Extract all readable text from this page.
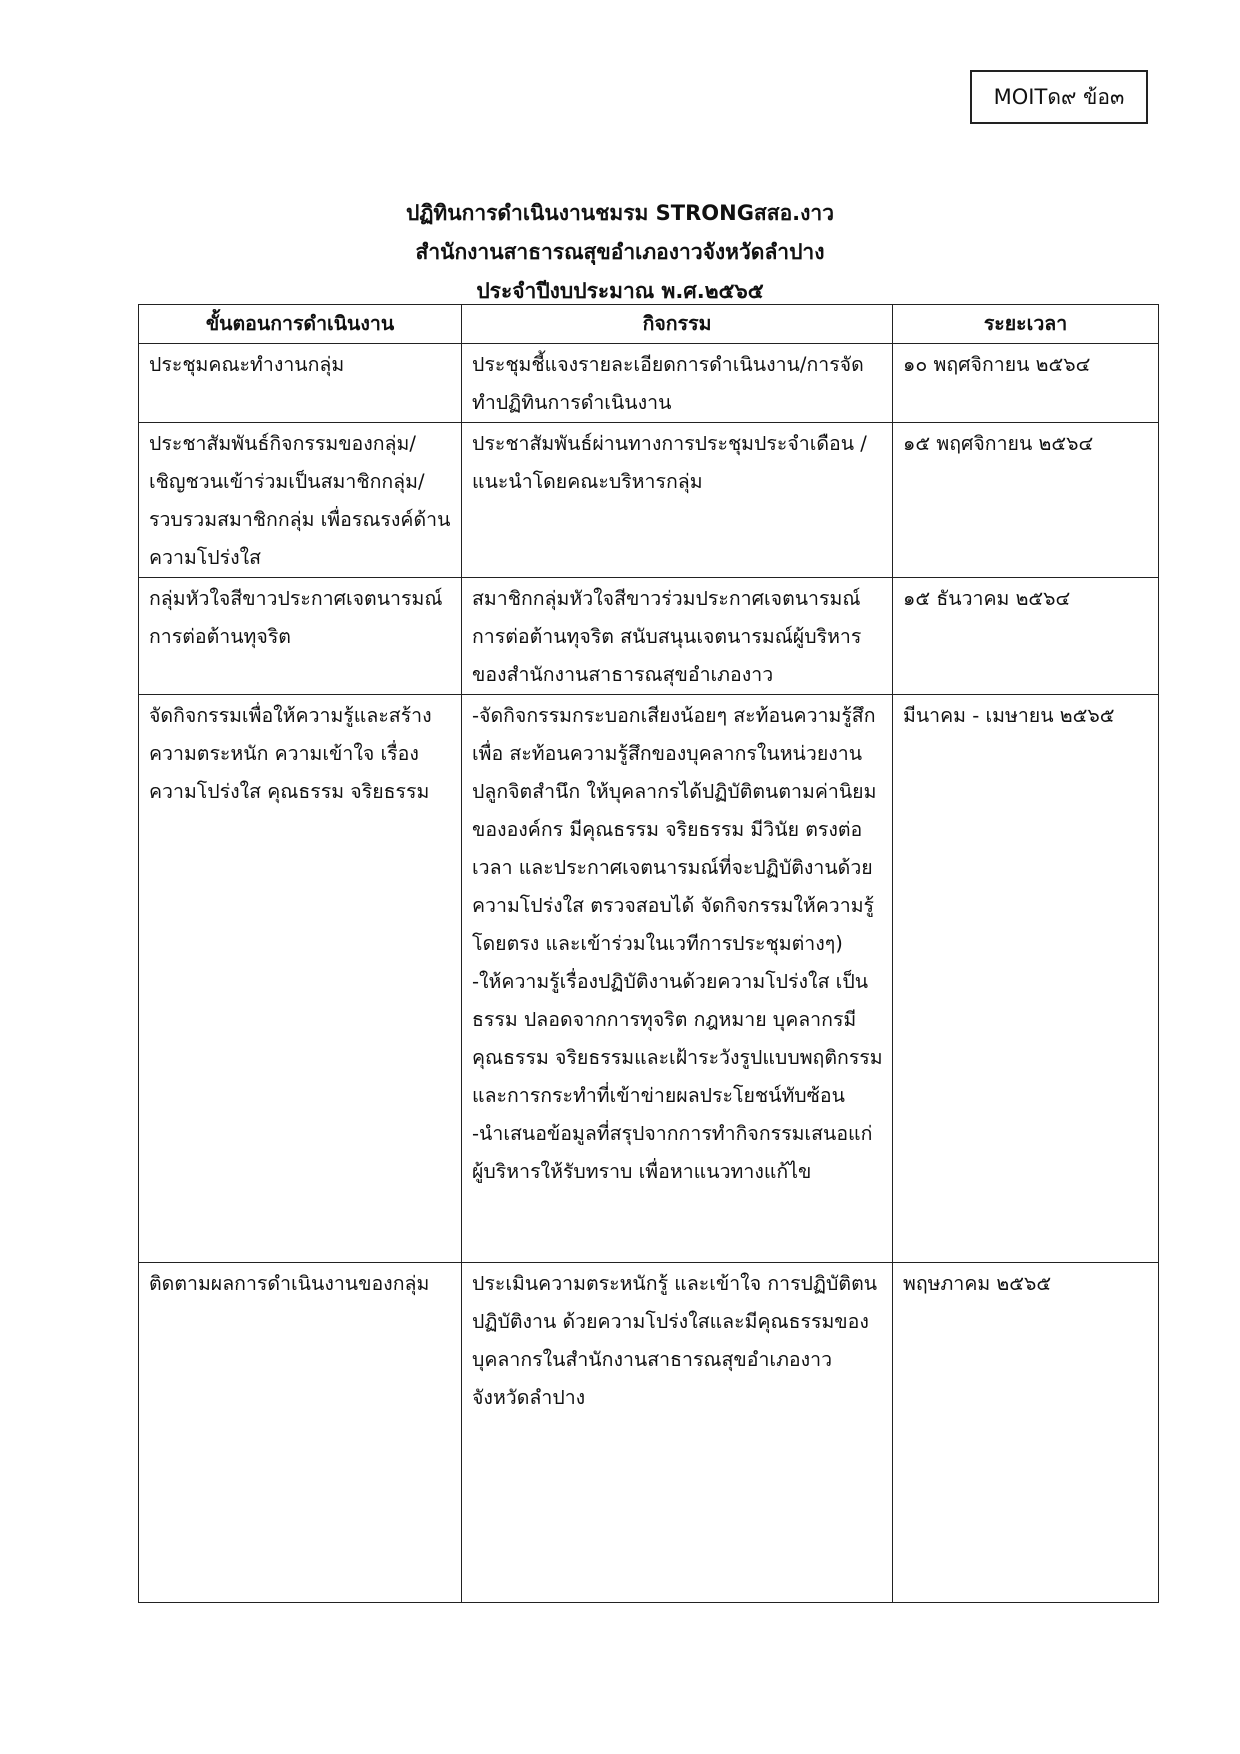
MOITด๙ ข้อ๓
ปฏิทินการดำเนินงานชมรม STRONGสสอ.งาว
สำนักงานสาธารณสุขอำเภองาวจังหวัดลำปาง
ประจำปีงบประมาณ พ.ศ.๒๕๖๕
ขั้นตอนการดำเนินงาน	กิจกรรม	ระยะเวลา
ประชุมคณะทำงานกลุ่ม	ประชุมชี้แจงรายละเอียดการดำเนินงาน/การจัดทำปฏิทินการดำเนินงาน	๑๐ พฤศจิกายน ๒๕๖๔
ประชาสัมพันธ์กิจกรรมของกลุ่ม/เชิญชวนเข้าร่วมเป็นสมาชิกกลุ่ม/รวบรวมสมาชิกกลุ่ม เพื่อรณรงค์ด้านความโปร่งใส	ประชาสัมพันธ์ผ่านทางการประชุมประจำเดือน / แนะนำโดยคณะบริหารกลุ่ม	๑๕ พฤศจิกายน ๒๕๖๔
กลุ่มหัวใจสีขาวประกาศเจตนารมณ์การต่อต้านทุจริต	สมาชิกกลุ่มหัวใจสีขาวร่วมประกาศเจตนารมณ์การต่อต้านทุจริต สนับสนุนเจตนารมณ์ผู้บริหารของสำนักงานสาธารณสุขอำเภองาว	๑๕ ธันวาคม ๒๕๖๔
จัดกิจกรรมเพื่อให้ความรู้และสร้างความตระหนัก ความเข้าใจ เรื่องความโปร่งใส คุณธรรม จริยธรรม	-จัดกิจกรรมกระบอกเสียงน้อยๆ สะท้อนความรู้สึก เพื่อ สะท้อนความรู้สึกของบุคลากรในหน่วยงาน ปลูกจิตสำนึก ให้บุคลากรได้ปฏิบัติตนตามค่านิยมขององค์กร มีคุณธรรม จริยธรรม มีวินัย ตรงต่อเวลา และประกาศเจตนารมณ์ที่จะปฏิบัติงานด้วยความโปร่งใส ตรวจสอบได้ จัดกิจกรรมให้ความรู้โดยตรง และเข้าร่วมในเวทีการประชุมต่างๆ)
-ให้ความรู้เรื่องปฏิบัติงานด้วยความโปร่งใส เป็นธรรม ปลอดจากการทุจริต กฎหมาย บุคลากรมีคุณธรรม จริยธรรมและเฝ้าระวังรูปแบบพฤติกรรมและการกระทำที่เข้าข่ายผลประโยชน์ทับซ้อน
-นำเสนอข้อมูลที่สรุปจากการทำกิจกรรมเสนอแก่ผู้บริหารให้รับทราบ เพื่อหาแนวทางแก้ไข	มีนาคม - เมษายน ๒๕๖๕
ติดตามผลการดำเนินงานของกลุ่ม	ประเมินความตระหนักรู้ และเข้าใจ การปฏิบัติตน ปฏิบัติงาน ด้วยความโปร่งใสและมีคุณธรรมของบุคลากรในสำนักงานสาธารณสุขอำเภองาว จังหวัดลำปาง	พฤษภาคม ๒๕๖๕
